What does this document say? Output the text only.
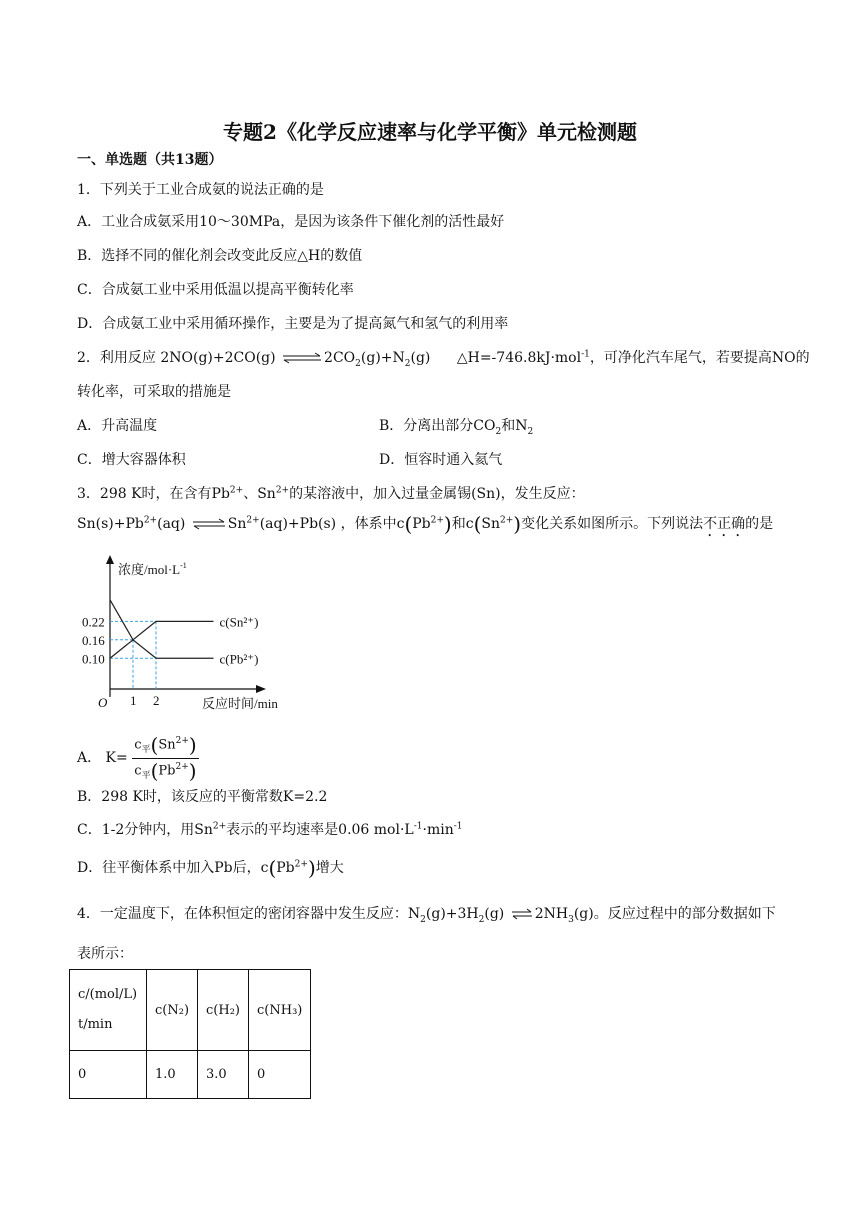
专题2《化学反应速率与化学平衡》单元检测题
一、单选题（共13题）
1．下列关于工业合成氨的说法正确的是
A．工业合成氨采用10～30MPa，是因为该条件下催化剂的活性最好
B．选择不同的催化剂会改变此反应△H的数值
C．合成氨工业中采用低温以提高平衡转化率
D．合成氨工业中采用循环操作，主要是为了提高氮气和氢气的利用率
2．利用反应 2NO(g)+2CO(g) ⇌ $2CO_2(g)+N_2(g)$ △H=-746.8kJ·mol$^{-1}$，可净化汽车尾气，若要提高NO的
转化率，可采取的措施是
A．升高温度	B．分离出部分$CO_2$和$N_2$
C．增大容器体积	D．恒容时通入氦气
3．298 K时，在含有$Pb^{2+}$、$Sn^{2+}$的某溶液中，加入过量金属锡(Sn)，发生反应：
$Sn(s)+Pb^{2+}(aq)$ ⇌ $Sn^{2+}(aq)+Pb(s)$ ，体系中$c(Pb^{2+})$和$c(Sn^{2+})$变化关系如图所示。下列说法不正确的是
浓度$/mol\cdot L^{-1}$
反应时间/min
O
c(Sn²⁺)
c(Pb²⁺)
0.22
0.16
0.10
1 2
A． $K= \frac{c_平(Sn^{2+})}{c_平(Pb^{2+})}$
B．298 K时，该反应的平衡常数K=2.2
C．1-2分钟内，用$Sn^{2+}$表示的平均速率是0.06 $mol\cdot L^{-1}\cdot\min^{-1}$
D．往平衡体系中加入Pb后，$c(Pb^{2+})$增大
4．一定温度下，在体积恒定的密闭容器中发生反应：$N_2(g)+3H_2(g)$ ⇌ $2NH_3(g)$。反应过程中的部分数据如下
表所示：
c/(mol/L)
t/min	c(N₂)	c(H₂)	c(NH₃)
0	1.0	3.0	0
